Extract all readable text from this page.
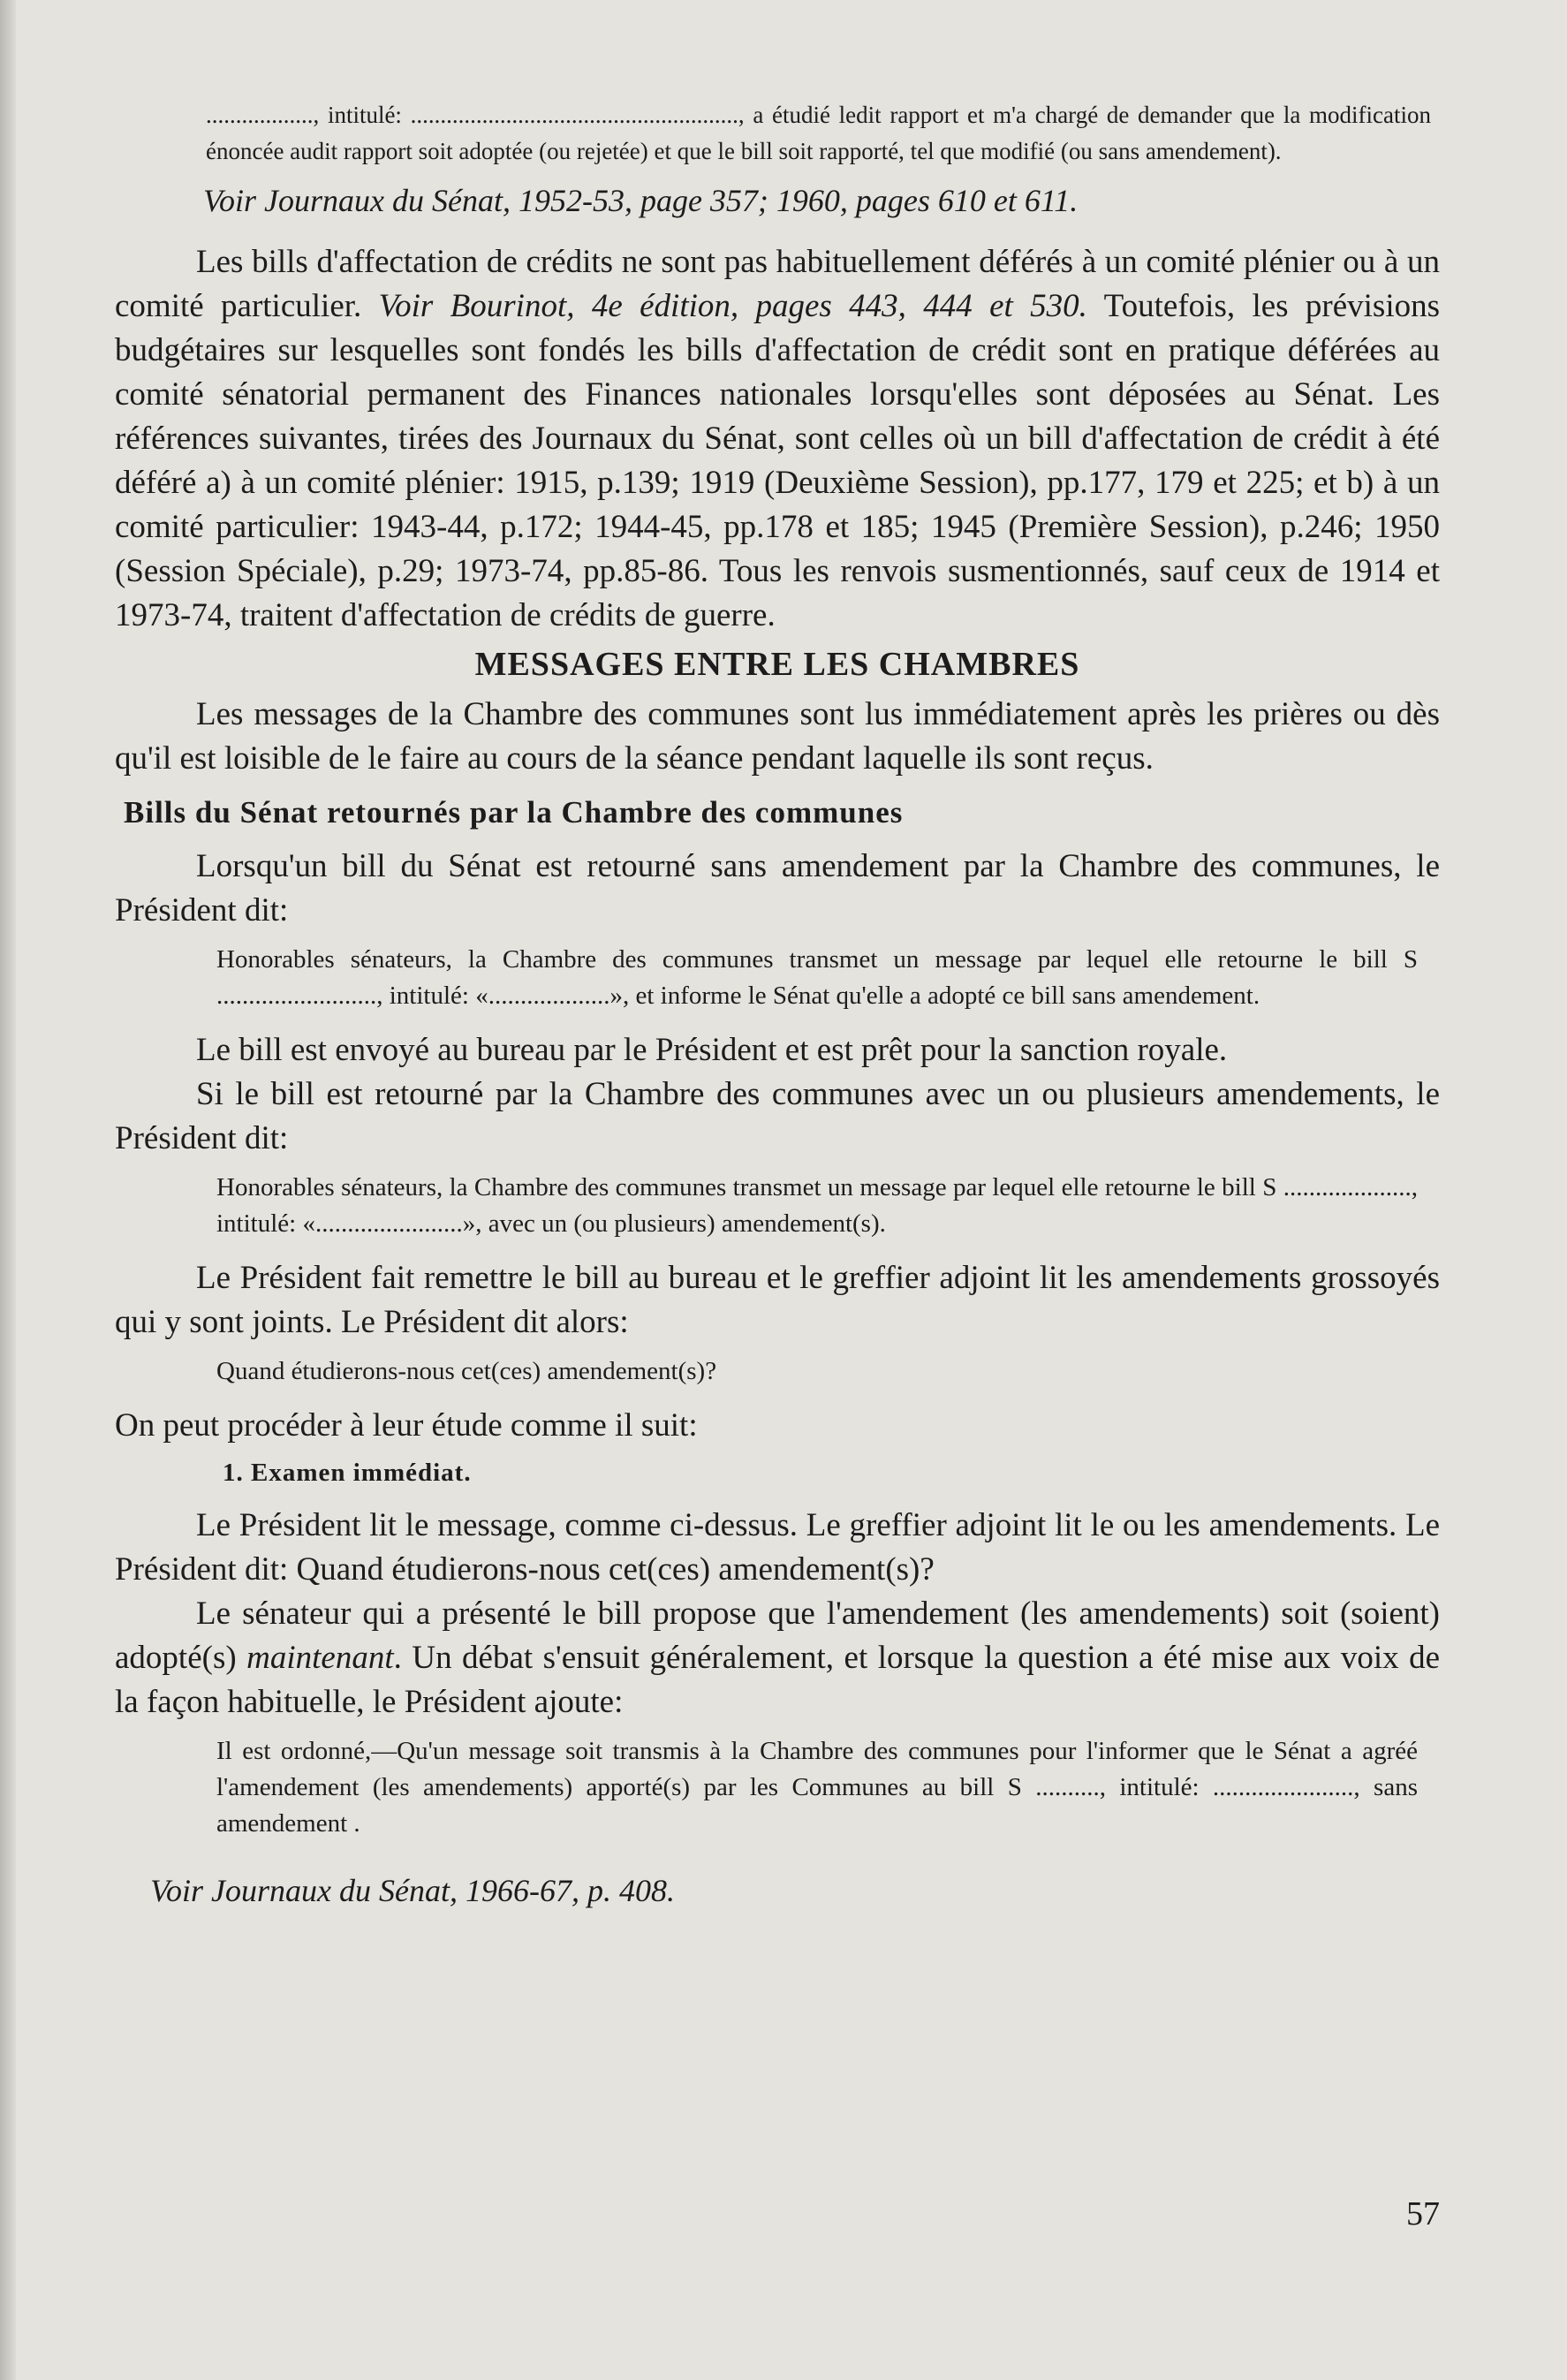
.................., intitulé: ......................................................., a étudié ledit rapport et m'a chargé de demander que la modification énoncée audit rapport soit adoptée (ou rejetée) et que le bill soit rapporté, tel que modifié (ou sans amendement).

Voir Journaux du Sénat, 1952-53, page 357; 1960, pages 610 et 611.

Les bills d'affectation de crédits ne sont pas habituellement déférés à un comité plénier ou à un comité particulier. Voir Bourinot, 4e édition, pages 443, 444 et 530. Toutefois, les prévisions budgétaires sur lesquelles sont fondés les bills d'affectation de crédit sont en pratique déférées au comité sénatorial permanent des Finances nationales lorsqu'elles sont déposées au Sénat. Les références suivantes, tirées des Journaux du Sénat, sont celles où un bill d'affectation de crédit à été déféré a) à un comité plénier: 1915, p.139; 1919 (Deuxième Session), pp.177, 179 et 225; et b) à un comité particulier: 1943-44, p.172; 1944-45, pp.178 et 185; 1945 (Première Session), p.246; 1950 (Session Spéciale), p.29; 1973-74, pp.85-86. Tous les renvois susmentionnés, sauf ceux de 1914 et 1973-74, traitent d'affectation de crédits de guerre.

MESSAGES ENTRE LES CHAMBRES

Les messages de la Chambre des communes sont lus immédiatement après les prières ou dès qu'il est loisible de le faire au cours de la séance pendant laquelle ils sont reçus.

Bills du Sénat retournés par la Chambre des communes

Lorsqu'un bill du Sénat est retourné sans amendement par la Chambre des communes, le Président dit:

Honorables sénateurs, la Chambre des communes transmet un message par lequel elle retourne le bill S ........................., intitulé: «...................», et informe le Sénat qu'elle a adopté ce bill sans amendement.

Le bill est envoyé au bureau par le Président et est prêt pour la sanction royale.

Si le bill est retourné par la Chambre des communes avec un ou plusieurs amendements, le Président dit:

Honorables sénateurs, la Chambre des communes transmet un message par lequel elle retourne le bill S ...................., intitulé: «.......................», avec un (ou plusieurs) amendement(s).

Le Président fait remettre le bill au bureau et le greffier adjoint lit les amendements grossoyés qui y sont joints. Le Président dit alors:

Quand étudierons-nous cet(ces) amendement(s)?

On peut procéder à leur étude comme il suit:

1. Examen immédiat.

Le Président lit le message, comme ci-dessus. Le greffier adjoint lit le ou les amendements. Le Président dit: Quand étudierons-nous cet(ces) amendement(s)?

Le sénateur qui a présenté le bill propose que l'amendement (les amendements) soit (soient) adopté(s) maintenant. Un débat s'ensuit généralement, et lorsque la question a été mise aux voix de la façon habituelle, le Président ajoute:

Il est ordonné,—Qu'un message soit transmis à la Chambre des communes pour l'informer que le Sénat a agréé l'amendement (les amendements) apporté(s) par les Communes au bill S .........., intitulé: ......................, sans amendement .

Voir Journaux du Sénat, 1966-67, p. 408.

57
